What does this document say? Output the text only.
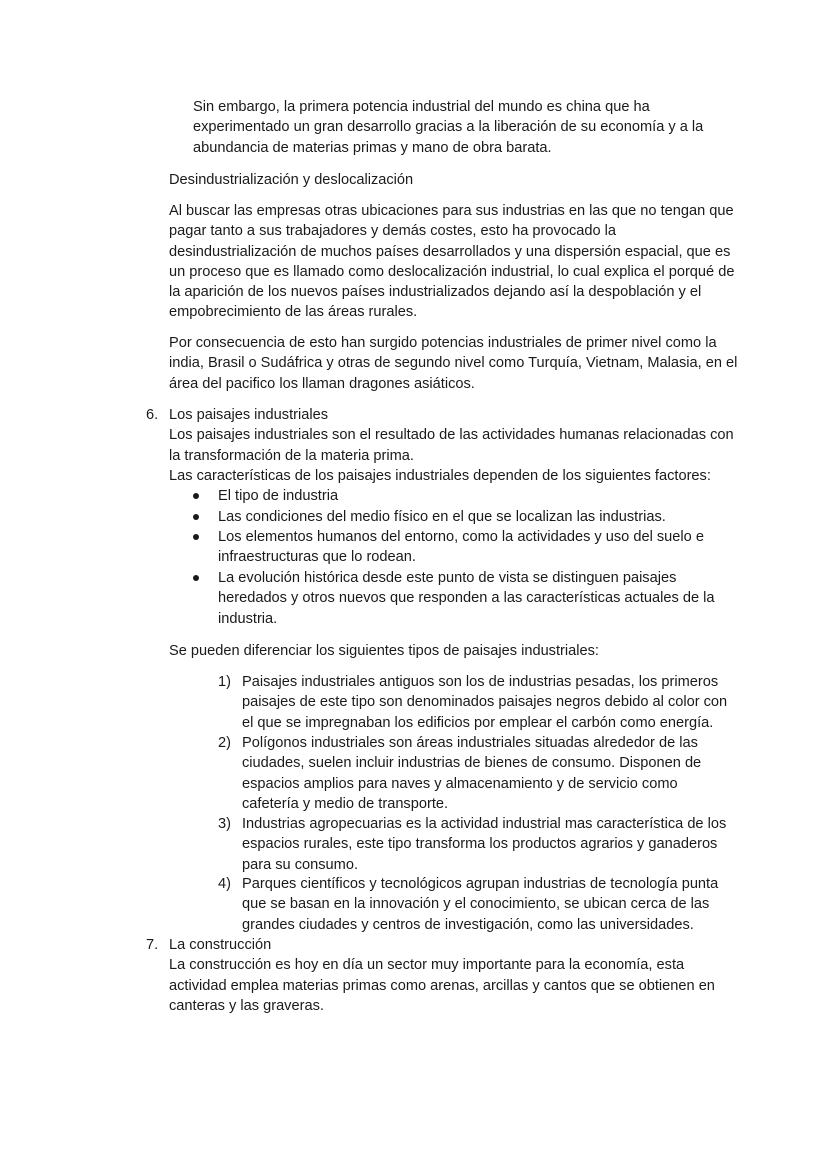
Sin embargo, la primera potencia industrial del mundo es china que ha
experimentado un gran desarrollo gracias a la liberación de su economía y a la
abundancia de materias primas y mano de obra barata.
Desindustrialización y deslocalización
Al buscar las empresas otras ubicaciones para sus industrias en las que no tengan que
pagar tanto a sus trabajadores y demás costes, esto ha provocado la
desindustrialización de muchos países desarrollados y una dispersión espacial, que es
un proceso que es llamado como deslocalización industrial, lo cual explica el porqué de
la aparición de los nuevos países industrializados dejando así la despoblación y el
empobrecimiento de las áreas rurales.
Por consecuencia de esto han surgido potencias industriales de primer nivel como la
india, Brasil o Sudáfrica y otras de segundo nivel como Turquía, Vietnam, Malasia, en el
área del pacifico los llaman dragones asiáticos.
6. Los paisajes industriales
Los paisajes industriales son el resultado de las actividades humanas relacionadas con
la transformación de la materia prima.
Las características de los paisajes industriales dependen de los siguientes factores:
El tipo de industria
Las condiciones del medio físico en el que se localizan las industrias.
Los elementos humanos del entorno, como la actividades y uso del suelo e
infraestructuras que lo rodean.
La evolución histórica desde este punto de vista se distinguen paisajes
heredados y otros nuevos que responden a las características actuales de la
industria.
Se pueden diferenciar los siguientes tipos de paisajes industriales:
1) Paisajes industriales antiguos son los de industrias pesadas, los primeros
paisajes de este tipo son denominados paisajes negros debido al color con
el que se impregnaban los edificios por emplear el carbón como energía.
2) Polígonos industriales son áreas industriales situadas alrededor de las
ciudades, suelen incluir industrias de bienes de consumo. Disponen de
espacios amplios para naves y almacenamiento y de servicio como
cafetería y medio de transporte.
3) Industrias agropecuarias es la actividad industrial mas característica de los
espacios rurales, este tipo transforma los productos agrarios y ganaderos
para su consumo.
4) Parques científicos y tecnológicos agrupan industrias de tecnología punta
que se basan en la innovación y el conocimiento, se ubican cerca de las
grandes ciudades y centros de investigación, como las universidades.
7. La construcción
La construcción es hoy en día un sector muy importante para la economía, esta
actividad emplea materias primas como arenas, arcillas y cantos que se obtienen en
canteras y las graveras.
